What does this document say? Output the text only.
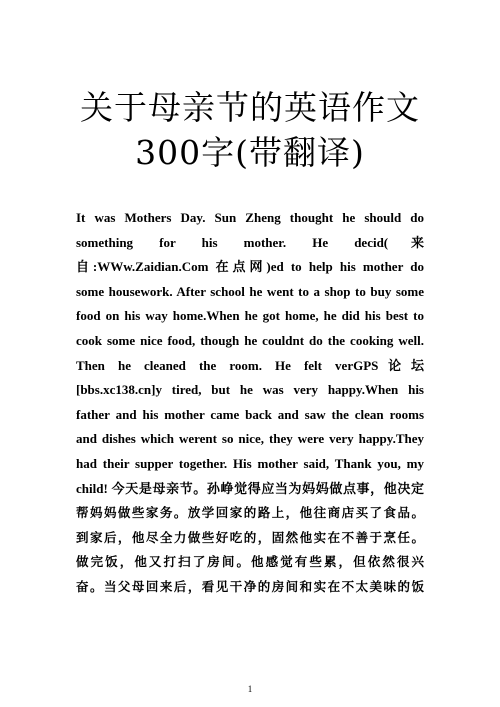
关于母亲节的英语作文
300字(带翻译)
It was Mothers Day. Sun Zheng thought he should do
something for his mother. He decid(来
自:WWw.Zaidian.Com 在点网)ed to help his mother do
some housework. After school he went to a shop to buy some
food on his way home.When he got home, he did his best to
cook some nice food, though he couldnt do the cooking well.
Then he cleaned the room. He felt verGPS论坛
[bbs.xc138.cn]y tired, but he was very happy.When his
father and his mother came back and saw the clean rooms
and dishes which werent so nice, they were very happy.They
had their supper together. His mother said, Thank you, my
child! 今天是母亲节。孙峥觉得应当为妈妈做点事，他决定
帮妈妈做些家务。放学回家的路上，他往商店买了食品。
到家后，他尽全力做些好吃的，固然他实在不善于烹任。
做完饭，他又打扫了房间。他感觉有些累，但依然很兴
奋。当父母回来后，看见干净的房间和实在不太美味的饭
1
